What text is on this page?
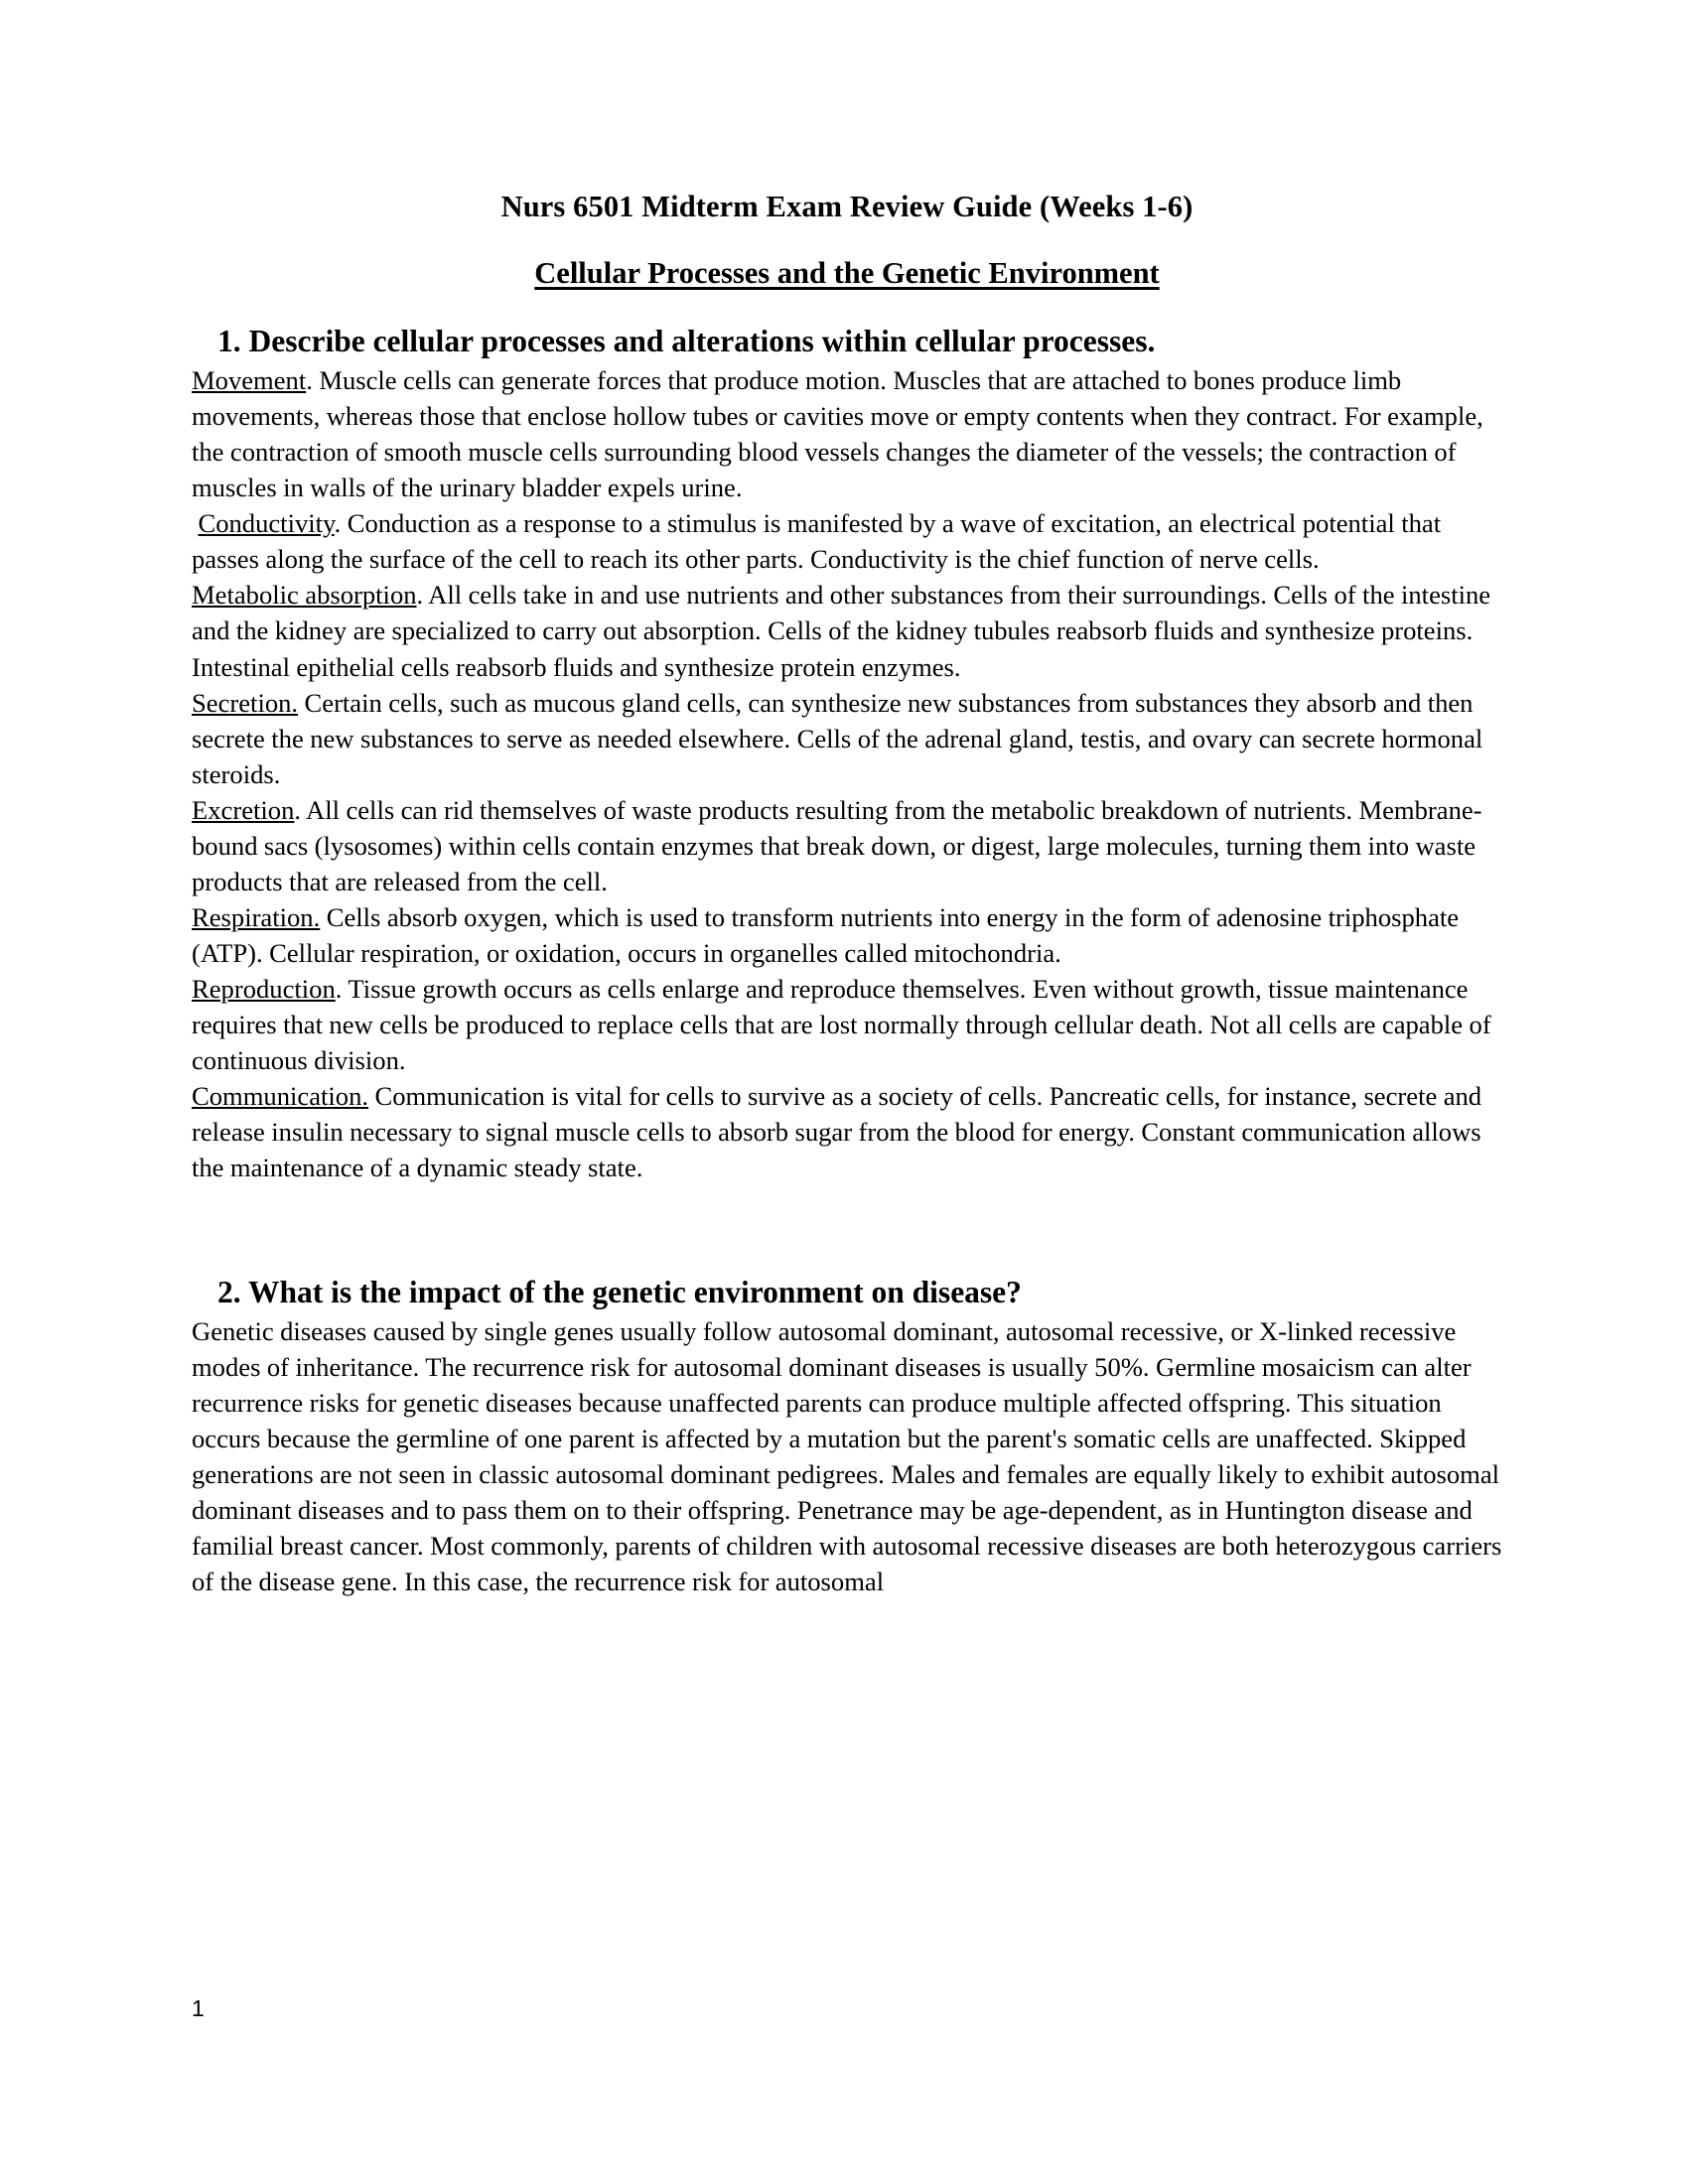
Nurs 6501 Midterm Exam Review Guide (Weeks 1-6)
Cellular Processes and the Genetic Environment
1. Describe cellular processes and alterations within cellular processes.

Movement. Muscle cells can generate forces that produce motion. Muscles that are attached to bones produce limb movements, whereas those that enclose hollow tubes or cavities move or empty contents when they contract. For example, the contraction of smooth muscle cells surrounding blood vessels changes the diameter of the vessels; the contraction of muscles in walls of the urinary bladder expels urine.

Conductivity. Conduction as a response to a stimulus is manifested by a wave of excitation, an electrical potential that passes along the surface of the cell to reach its other parts. Conductivity is the chief function of nerve cells.

Metabolic absorption. All cells take in and use nutrients and other substances from their surroundings. Cells of the intestine and the kidney are specialized to carry out absorption. Cells of the kidney tubules reabsorb fluids and synthesize proteins. Intestinal epithelial cells reabsorb fluids and synthesize protein enzymes.

Secretion. Certain cells, such as mucous gland cells, can synthesize new substances from substances they absorb and then secrete the new substances to serve as needed elsewhere. Cells of the adrenal gland, testis, and ovary can secrete hormonal steroids.

Excretion. All cells can rid themselves of waste products resulting from the metabolic breakdown of nutrients. Membrane-bound sacs (lysosomes) within cells contain enzymes that break down, or digest, large molecules, turning them into waste products that are released from the cell.

Respiration. Cells absorb oxygen, which is used to transform nutrients into energy in the form of adenosine triphosphate (ATP). Cellular respiration, or oxidation, occurs in organelles called mitochondria.

Reproduction. Tissue growth occurs as cells enlarge and reproduce themselves. Even without growth, tissue maintenance requires that new cells be produced to replace cells that are lost normally through cellular death. Not all cells are capable of continuous division.

Communication. Communication is vital for cells to survive as a society of cells. Pancreatic cells, for instance, secrete and release insulin necessary to signal muscle cells to absorb sugar from the blood for energy. Constant communication allows the maintenance of a dynamic steady state.

2. What is the impact of the genetic environment on disease?

Genetic diseases caused by single genes usually follow autosomal dominant, autosomal recessive, or X-linked recessive modes of inheritance. The recurrence risk for autosomal dominant diseases is usually 50%. Germline mosaicism can alter recurrence risks for genetic diseases because unaffected parents can produce multiple affected offspring. This situation occurs because the germline of one parent is affected by a mutation but the parent's somatic cells are unaffected. Skipped generations are not seen in classic autosomal dominant pedigrees. Males and females are equally likely to exhibit autosomal dominant diseases and to pass them on to their offspring. Penetrance may be age-dependent, as in Huntington disease and familial breast cancer. Most commonly, parents of children with autosomal recessive diseases are both heterozygous carriers of the disease gene. In this case, the recurrence risk for autosomal

1
